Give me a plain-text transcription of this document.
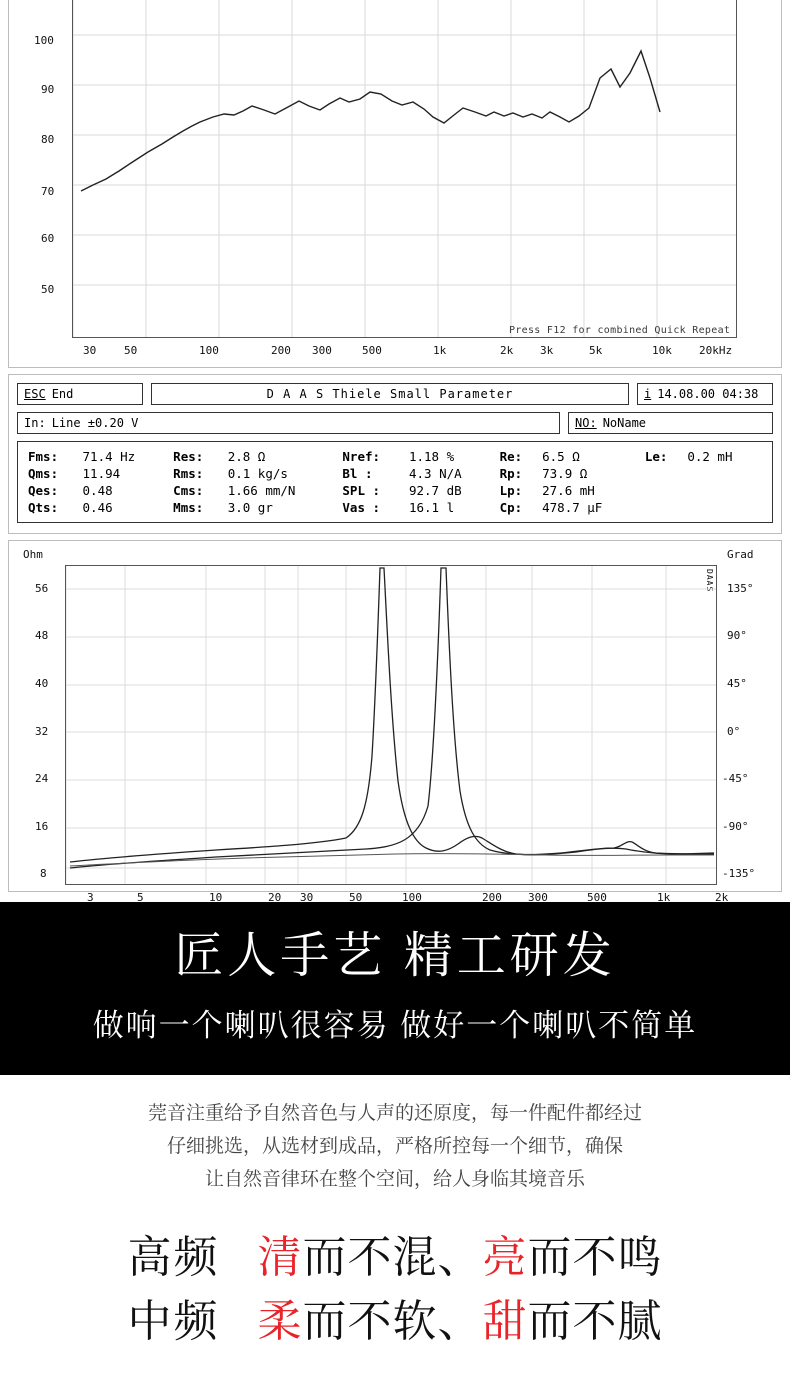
100
90
80
70
60
50
Press F12 for combined Quick Repeat
30	50	100	200 300	500	1k	2k 3k	5k	10k 20kHz
ESC End	D A A S Thiele Small Parameter	i 14.08.00 04:38
In: Line ±0.20 V	NO: NoName
Fms:	71.4 Hz	Res:	2.8 Ω	Nref:	1.18 %	Re:	6.5 Ω	Le:	0.2 mH
Qms:	11.94	Rms:	0.1 kg/s	Bl :	4.3 N/A	Rp:	73.9 Ω		
Qes:	0.48	Cms:	1.66 mm/N	SPL :	92.7 dB	Lp:	27.6 mH		
Qts:	0.46	Mms:	3.0 gr	Vas :	16.1 l	Cp:	478.7 µF		
Ohm	Grad
DAAS
56
48
40
32
24
16
8
135°
90°
45°
0°
-45°
-90°
-135°
3	5	10	20 30	50	100	200 300	500	1k	2k
匠人手艺 精工研发
做响一个喇叭很容易 做好一个喇叭不简单
莞音注重给予自然音色与人声的还原度，每一件配件都经过
仔细挑选，从选材到成品，严格所控每一个细节，确保
让自然音律环在整个空间，给人身临其境音乐
高频 清而不混、亮而不鸣
中频 柔而不软、甜而不腻
